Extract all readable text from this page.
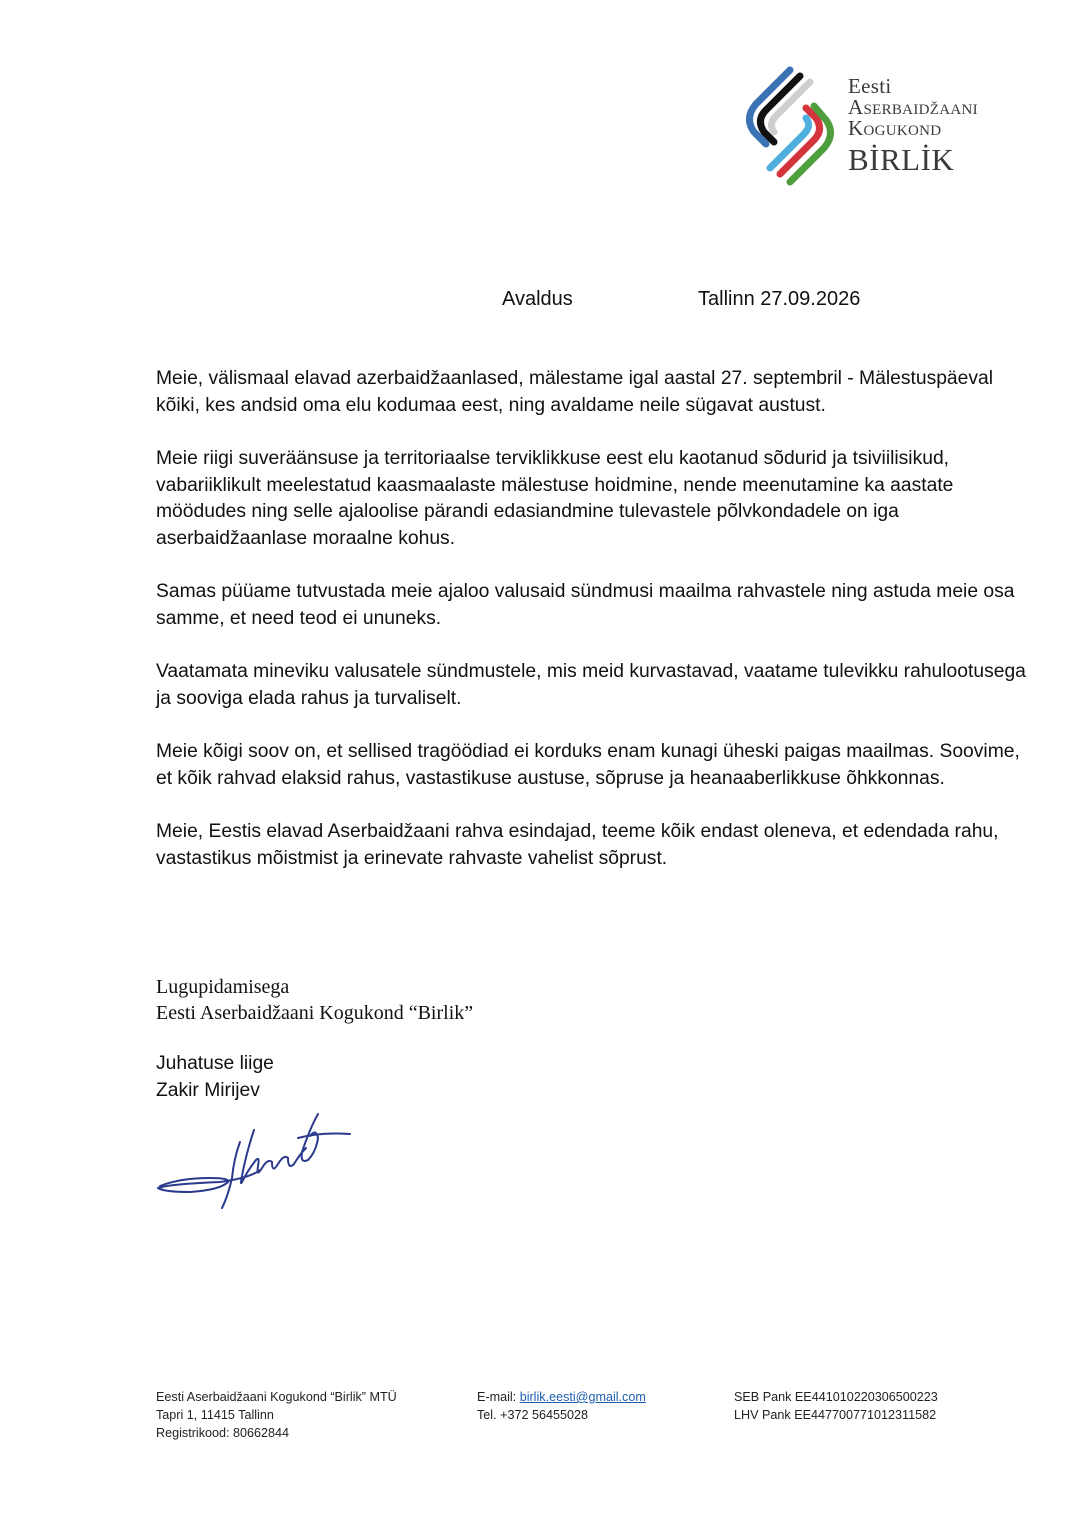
Eesti
Aserbaidžaani
Kogukond
BİRLİK
Avaldus	Tallinn 27.09.2026

Meie, välismaal elavad azerbaidžaanlased, mälestame igal aastal 27. septembril - Mälestuspäeval kõiki, kes andsid oma elu kodumaa eest, ning avaldame neile sügavat austust.

Meie riigi suveräänsuse ja territoriaalse terviklikkuse eest elu kaotanud sõdurid ja tsiviilisikud, vabariiklikult meelestatud kaasmaalaste mälestuse hoidmine, nende meenutamine ka aastate möödudes ning selle ajaloolise pärandi edasiandmine tulevastele põlvkondadele on iga aserbaidžaanlase moraalne kohus.

Samas püüame tutvustada meie ajaloo valusaid sündmusi maailma rahvastele ning astuda meie osa samme, et need teod ei ununeks.

Vaatamata mineviku valusatele sündmustele, mis meid kurvastavad, vaatame tulevikku rahulootusega ja sooviga elada rahus ja turvaliselt.

Meie kõigi soov on, et sellised tragöödiad ei korduks enam kunagi üheski paigas maailmas. Soovime, et kõik rahvad elaksid rahus, vastastikuse austuse, sõpruse ja heanaaberlikkuse õhkkonnas.

Meie, Eestis elavad Aserbaidžaani rahva esindajad, teeme kõik endast oleneva, et edendada rahu, vastastikus mõistmist ja erinevate rahvaste vahelist sõprust.

Lugupidamisega
Eesti Aserbaidžaani Kogukond “Birlik”
Juhatuse liige
Zakir Mirijev
Eesti Aserbaidžaani Kogukond “Birlik” MTÜ
Tapri 1, 11415 Tallinn
Registrikood: 80662844
E-mail: birlik.eesti@gmail.com
Tel. +372 56455028
SEB Pank EE441010220306500223
LHV Pank EE447700771012311582
